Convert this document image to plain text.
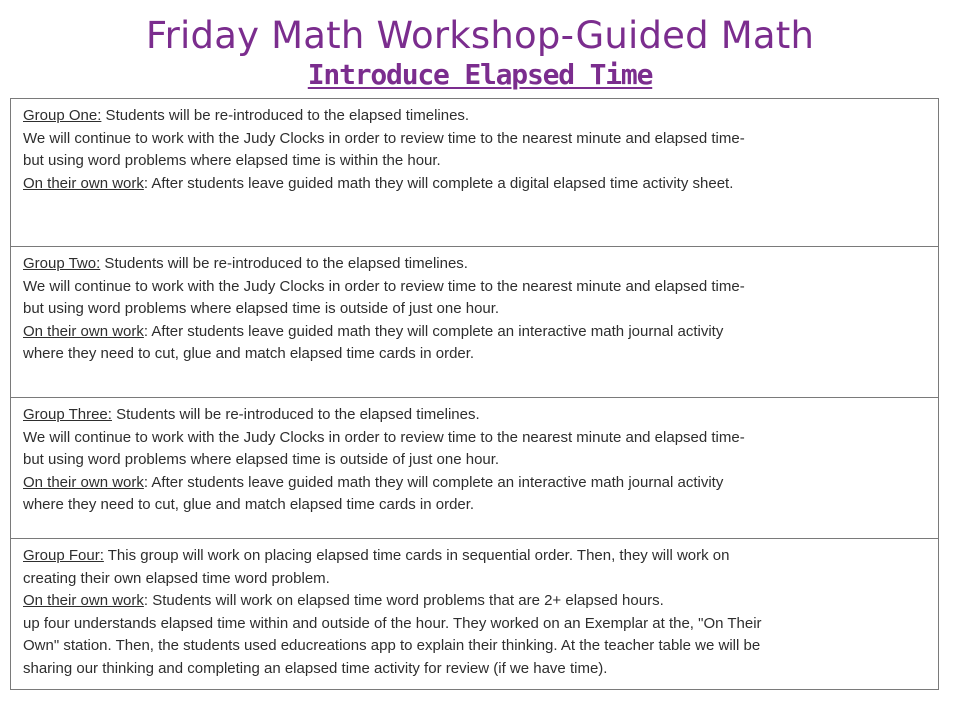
Friday Math Workshop-Guided Math
Introduce Elapsed Time
Group One: Students will be re-introduced to the elapsed timelines.
We will continue to work with the Judy Clocks in order to review time to the nearest minute and elapsed time-
but using word problems where elapsed time is within the hour.
On their own work: After students leave guided math they will complete a digital elapsed time activity sheet.

Group Two: Students will be re-introduced to the elapsed timelines.
We will continue to work with the Judy Clocks in order to review time to the nearest minute and elapsed time-
but using word problems where elapsed time is outside of just one hour.
On their own work: After students leave guided math they will complete an interactive math journal activity
where they need to cut, glue and match elapsed time cards in order.

Group Three: Students will be re-introduced to the elapsed timelines.
We will continue to work with the Judy Clocks in order to review time to the nearest minute and elapsed time-
but using word problems where elapsed time is outside of just one hour.
On their own work: After students leave guided math they will complete an interactive math journal activity
where they need to cut, glue and match elapsed time cards in order.

Group Four: This group will work on placing elapsed time cards in sequential order. Then, they will work on
creating their own elapsed time word problem.
On their own work: Students will work on elapsed time word problems that are 2+ elapsed hours.
up four understands elapsed time within and outside of the hour. They worked on an Exemplar at the, "On Their
Own" station. Then, the students used educreations app to explain their thinking. At the teacher table we will be
sharing our thinking and completing an elapsed time activity for review (if we have time).
